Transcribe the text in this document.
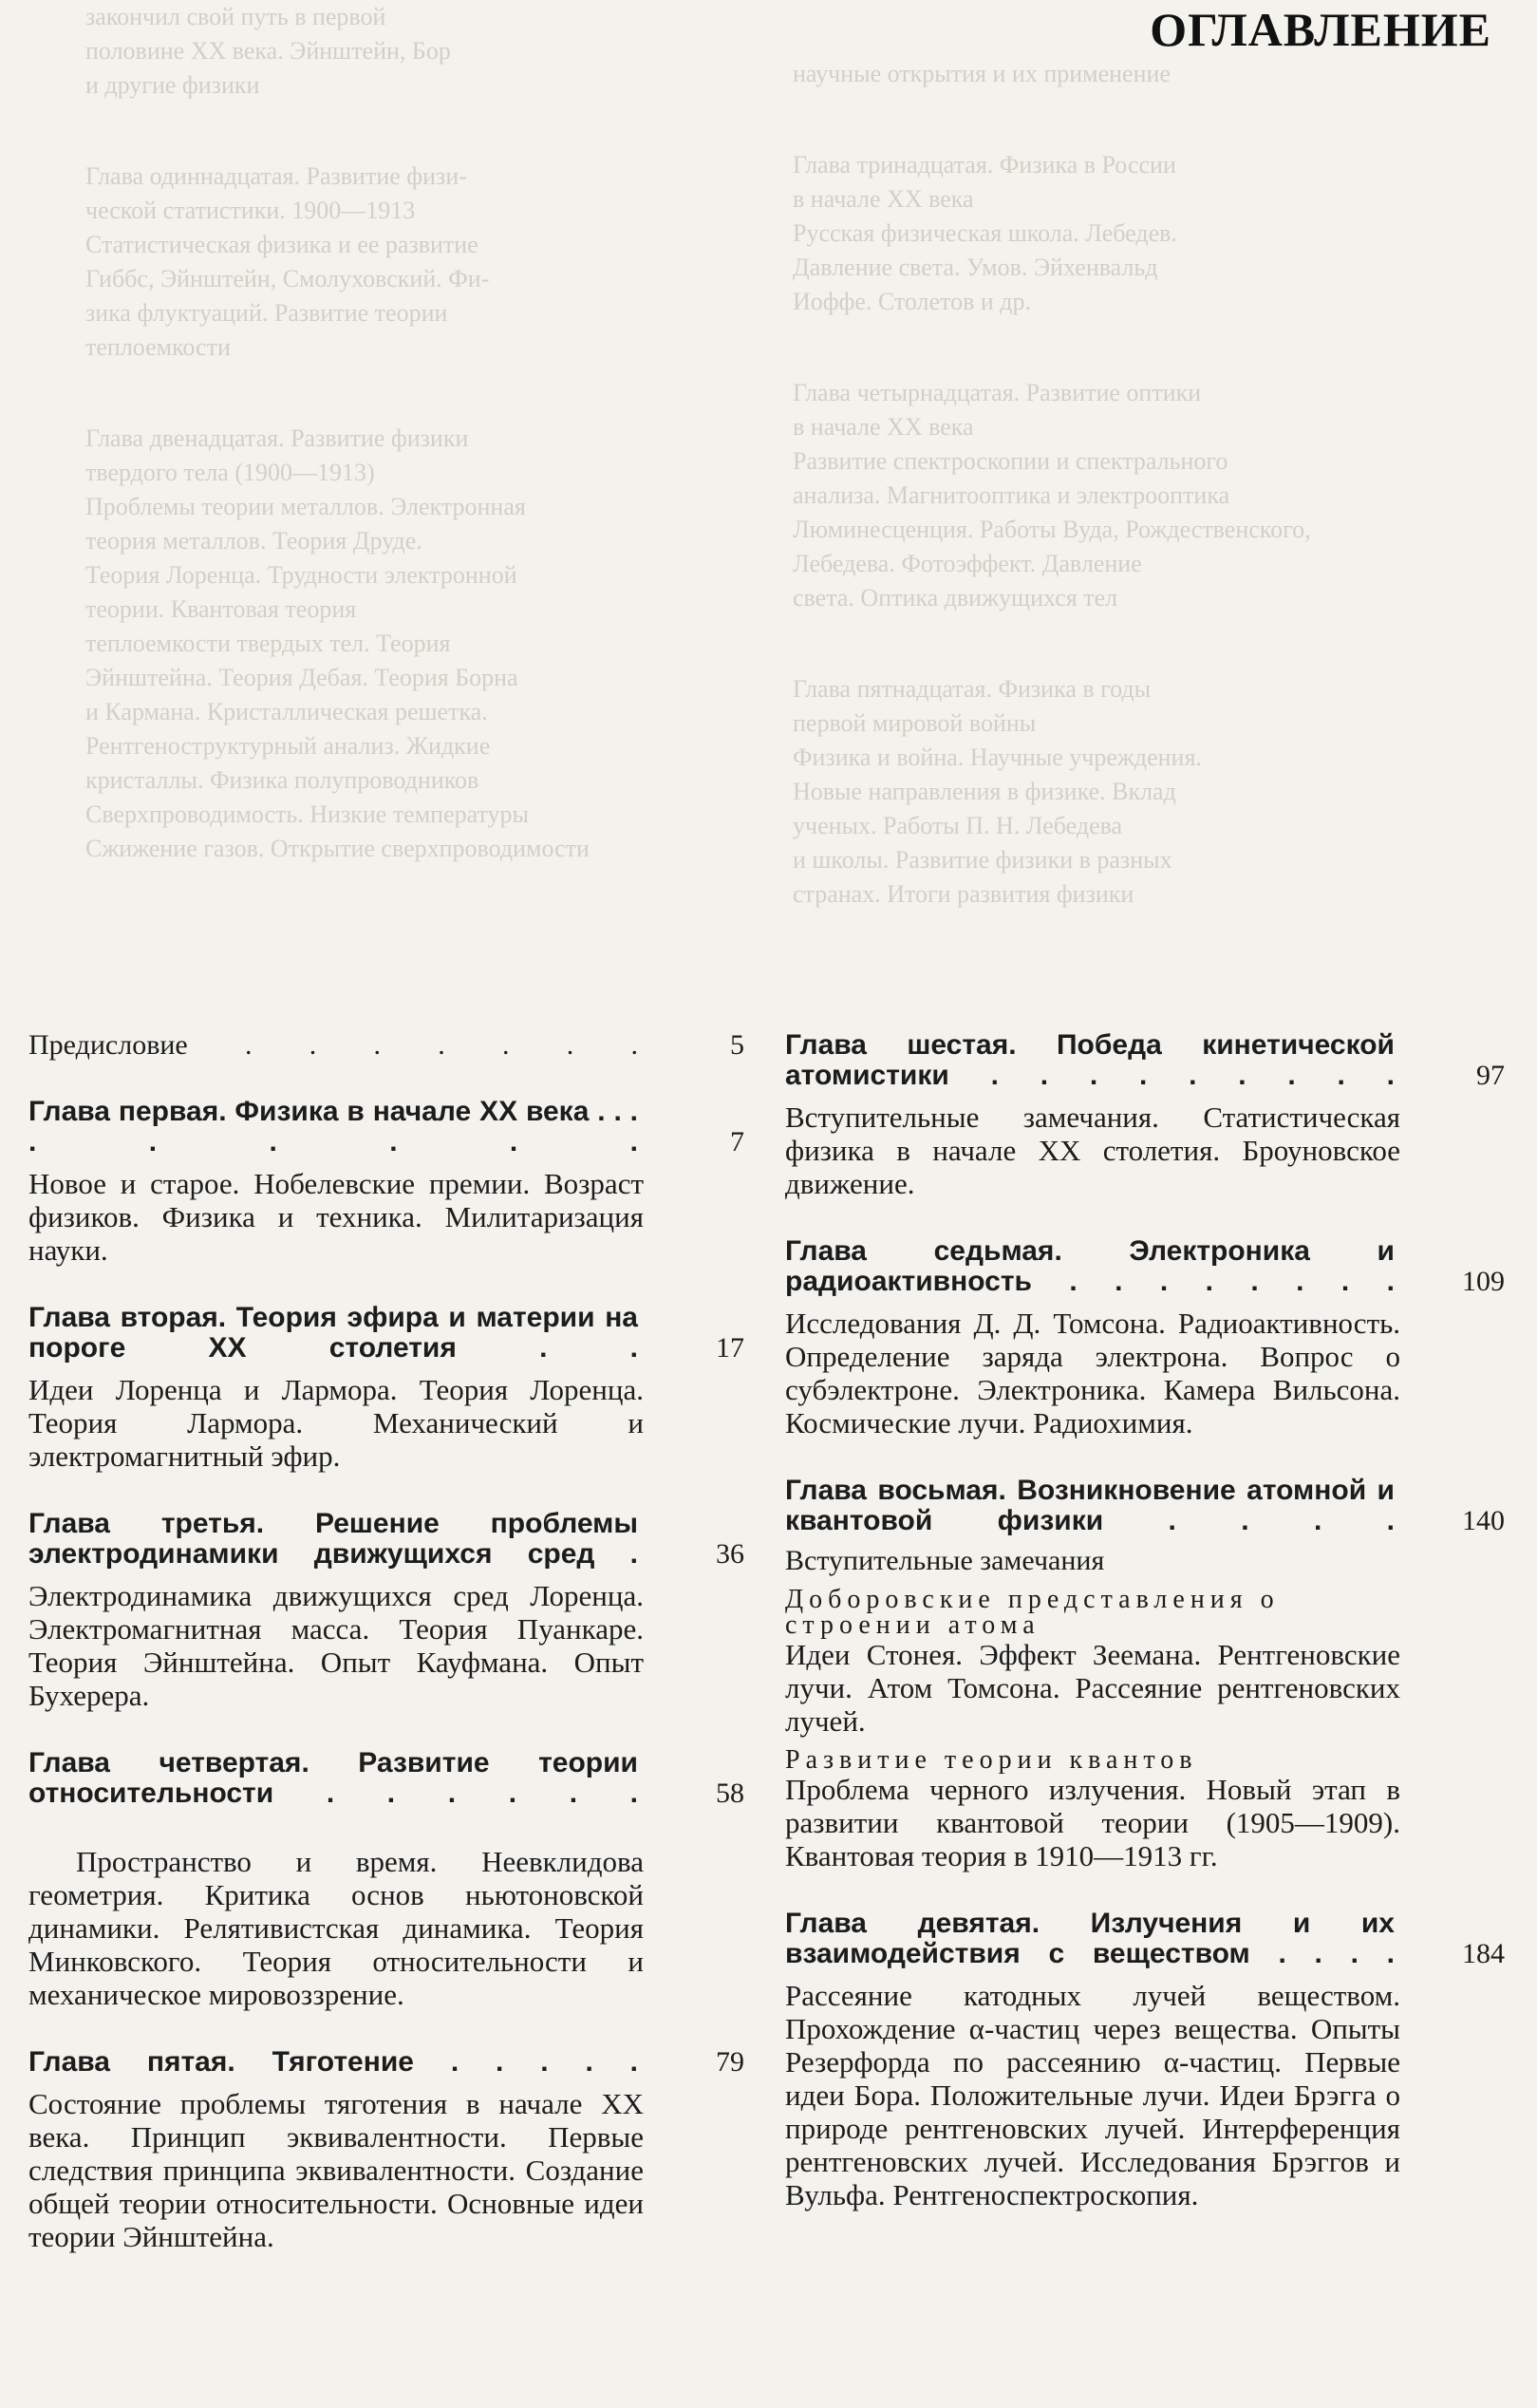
закончил свой путь в первой
половине XX века. Эйнштейн, Бор
и другие физики
Глава одиннадцатая. Развитие физи-
ческой статистики. 1900—1913
Статистическая физика и ее развитие
Гиббс, Эйнштейн, Смолуховский. Фи-
зика флуктуаций. Развитие теории
теплоемкости
Глава двенадцатая. Развитие физики
твердого тела (1900—1913)
Проблемы теории металлов. Электронная
теория металлов. Теория Друде.
Теория Лоренца. Трудности электронной
теории. Квантовая теория
теплоемкости твердых тел. Теория
Эйнштейна. Теория Дебая. Теория Борна
и Кармана. Кристаллическая решетка.
Рентгеноструктурный анализ. Жидкие
кристаллы. Физика полупроводников
Сверхпроводимость. Низкие температуры
Сжижение газов. Открытие сверхпроводимости
научные открытия и их применение
Глава тринадцатая. Физика в России
в начале XX века
Русская физическая школа. Лебедев.
Давление света. Умов. Эйхенвальд
Иоффе. Столетов и др.
Глава четырнадцатая. Развитие оптики
в начале XX века
Развитие спектроскопии и спектрального
анализа. Магнитооптика и электрооптика
Люминесценция. Работы Вуда, Рождественского,
Лебедева. Фотоэффект. Давление
света. Оптика движущихся тел
Глава пятнадцатая. Физика в годы
первой мировой войны
Физика и война. Научные учреждения.
Новые направления в физике. Вклад
ученых. Работы П. Н. Лебедева
и школы. Развитие физики в разных
странах. Итоги развития физики
ОГЛАВЛЕНИЕ
Предисловие . . . . . . .	5
Глава первая. Физика в начале XX века . . . . . . . . .	7
Новое и старое. Нобелевские премии. Возраст физиков. Физика и техника. Милитаризация науки.
Глава вторая. Теория эфира и материи на пороге XX столетия	. .	17
Идеи Лоренца и Лармора. Теория Лоренца. Теория Лармора. Механический и электромагнитный эфир.
Глава третья. Решение проблемы электродинамики движущихся сред .	36
Электродинамика движущихся сред Лоренца. Электромагнитная масса. Теория Пуанкаре. Теория Эйнштейна. Опыт Кауфмана. Опыт Бухерера.
Глава четвертая. Развитие теории относительности . . . . . .	58
Пространство и время. Неевклидова геометрия. Критика основ ньютоновской динамики. Релятивистская динамика. Теория Минковского. Теория относительности и механическое мировоззрение.
Глава пятая. Тяготение . . . . .	79
Состояние проблемы тяготения в начале XX века. Принцип эквивалентности. Первые следствия принципа эквивалентности. Создание общей теории относительности. Основные идеи теории Эйнштейна.
Глава шестая. Победа кинетической атомистики . . . . . . . . .	97
Вступительные замечания. Статистическая физика в начале XX столетия. Броуновское движение.
Глава седьмая. Электроника и радиоактивность . . . . . . . .	109
Исследования Д. Д. Томсона. Радиоактивность. Определение заряда электрона. Вопрос о субэлектроне. Электроника. Камера Вильсона. Космические лучи. Радиохимия.
Глава восьмая. Возникновение атомной и квантовой физики . . . .	140
Вступительные замечания
Доборовские представления о строении атома
Идеи Стонея. Эффект Зеемана. Рентгеновские лучи. Атом Томсона. Рассеяние рентгеновских лучей.
Развитие теории квантов
Проблема черного излучения. Новый этап в развитии квантовой теории (1905—1909). Квантовая теория в 1910—1913 гг.
Глава девятая. Излучения и их взаимодействия с веществом . . . .	184
Рассеяние катодных лучей веществом. Прохождение α-частиц через вещества. Опыты Резерфорда по рассеянию α-частиц. Первые идеи Бора. Положительные лучи. Идеи Брэгга о природе рентгеновских лучей. Интерференция рентгеновских лучей. Исследования Брэггов и Вульфа. Рентгеноспектроскопия.
